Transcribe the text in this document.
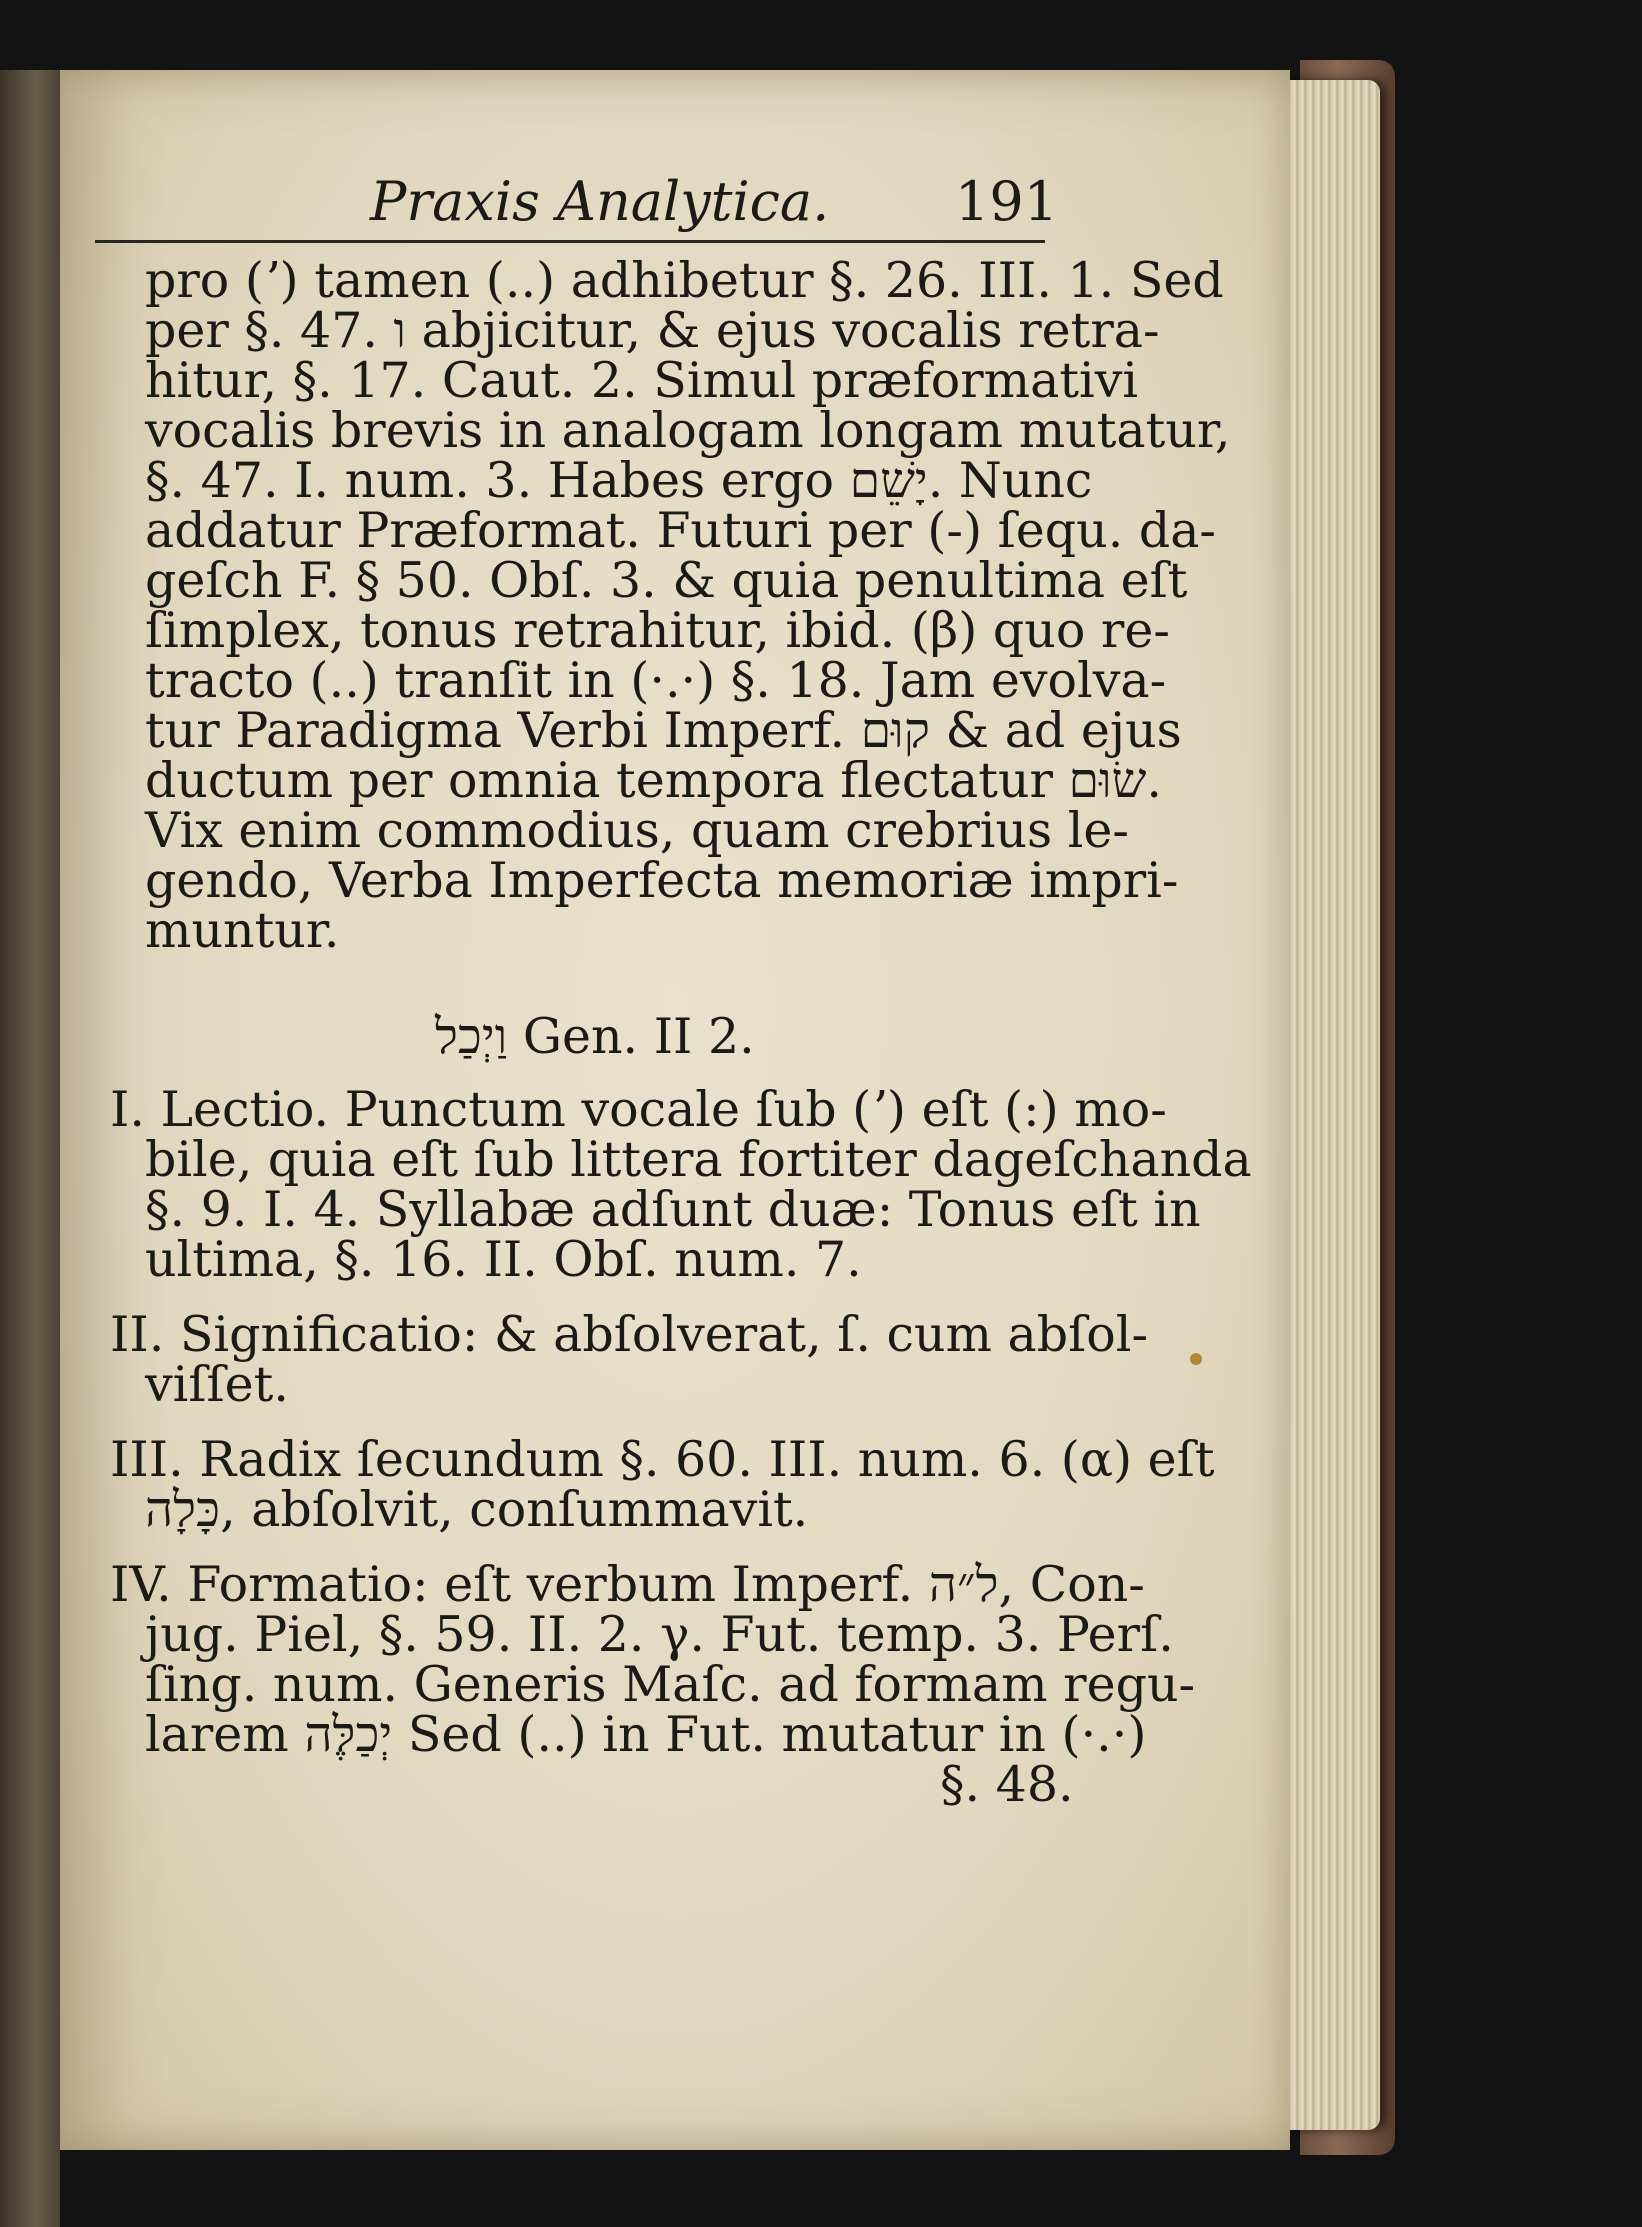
Praxis Analytica. 191
pro (ʼ) tamen (..) adhibetur §. 26. III. 1. Sed
per §. 47. ו abjicitur, & ejus vocalis retra-
hitur, §. 17. Caut. 2. Simul præformativi
vocalis brevis in analogam longam mutatur,
§. 47. I. num. 3. Habes ergo יָשֵׁם. Nunc
addatur Præformat. Futuri per (-) ſequ. da-
geſch F. § 50. Obſ. 3. & quia penultima eſt
ſimplex, tonus retrahitur, ibid. (β) quo re-
tracto (..) tranſit in (·.·) §. 18. Jam evolva-
tur Paradigma Verbi Imperf. קוּם & ad ejus
ductum per omnia tempora flectatur שׂוּם.
Vix enim commodius, quam crebrius le-
gendo, Verba Imperfecta memoriæ impri-
muntur.
וַיְכַל Gen. II 2.
I. Lectio. Punctum vocale ſub (ʼ) eſt (:) mo-
bile, quia eſt ſub littera fortiter dageſchanda
§. 9. I. 4. Syllabæ adſunt duæ: Tonus eſt in
ultima, §. 16. II. Obſ. num. 7.
II. Significatio: & abſolverat, ſ. cum abſol-
viſſet.
III. Radix ſecundum §. 60. III. num. 6. (α) eſt
כָּלָה, abſolvit, conſummavit.
IV. Formatio: eſt verbum Imperf. ל״ה, Con-
jug. Piel, §. 59. II. 2. γ. Fut. temp. 3. Perſ.
ſing. num. Generis Maſc. ad formam regu-
larem יְכַלֶּה Sed (..) in Fut. mutatur in (·.·)
§. 48.
